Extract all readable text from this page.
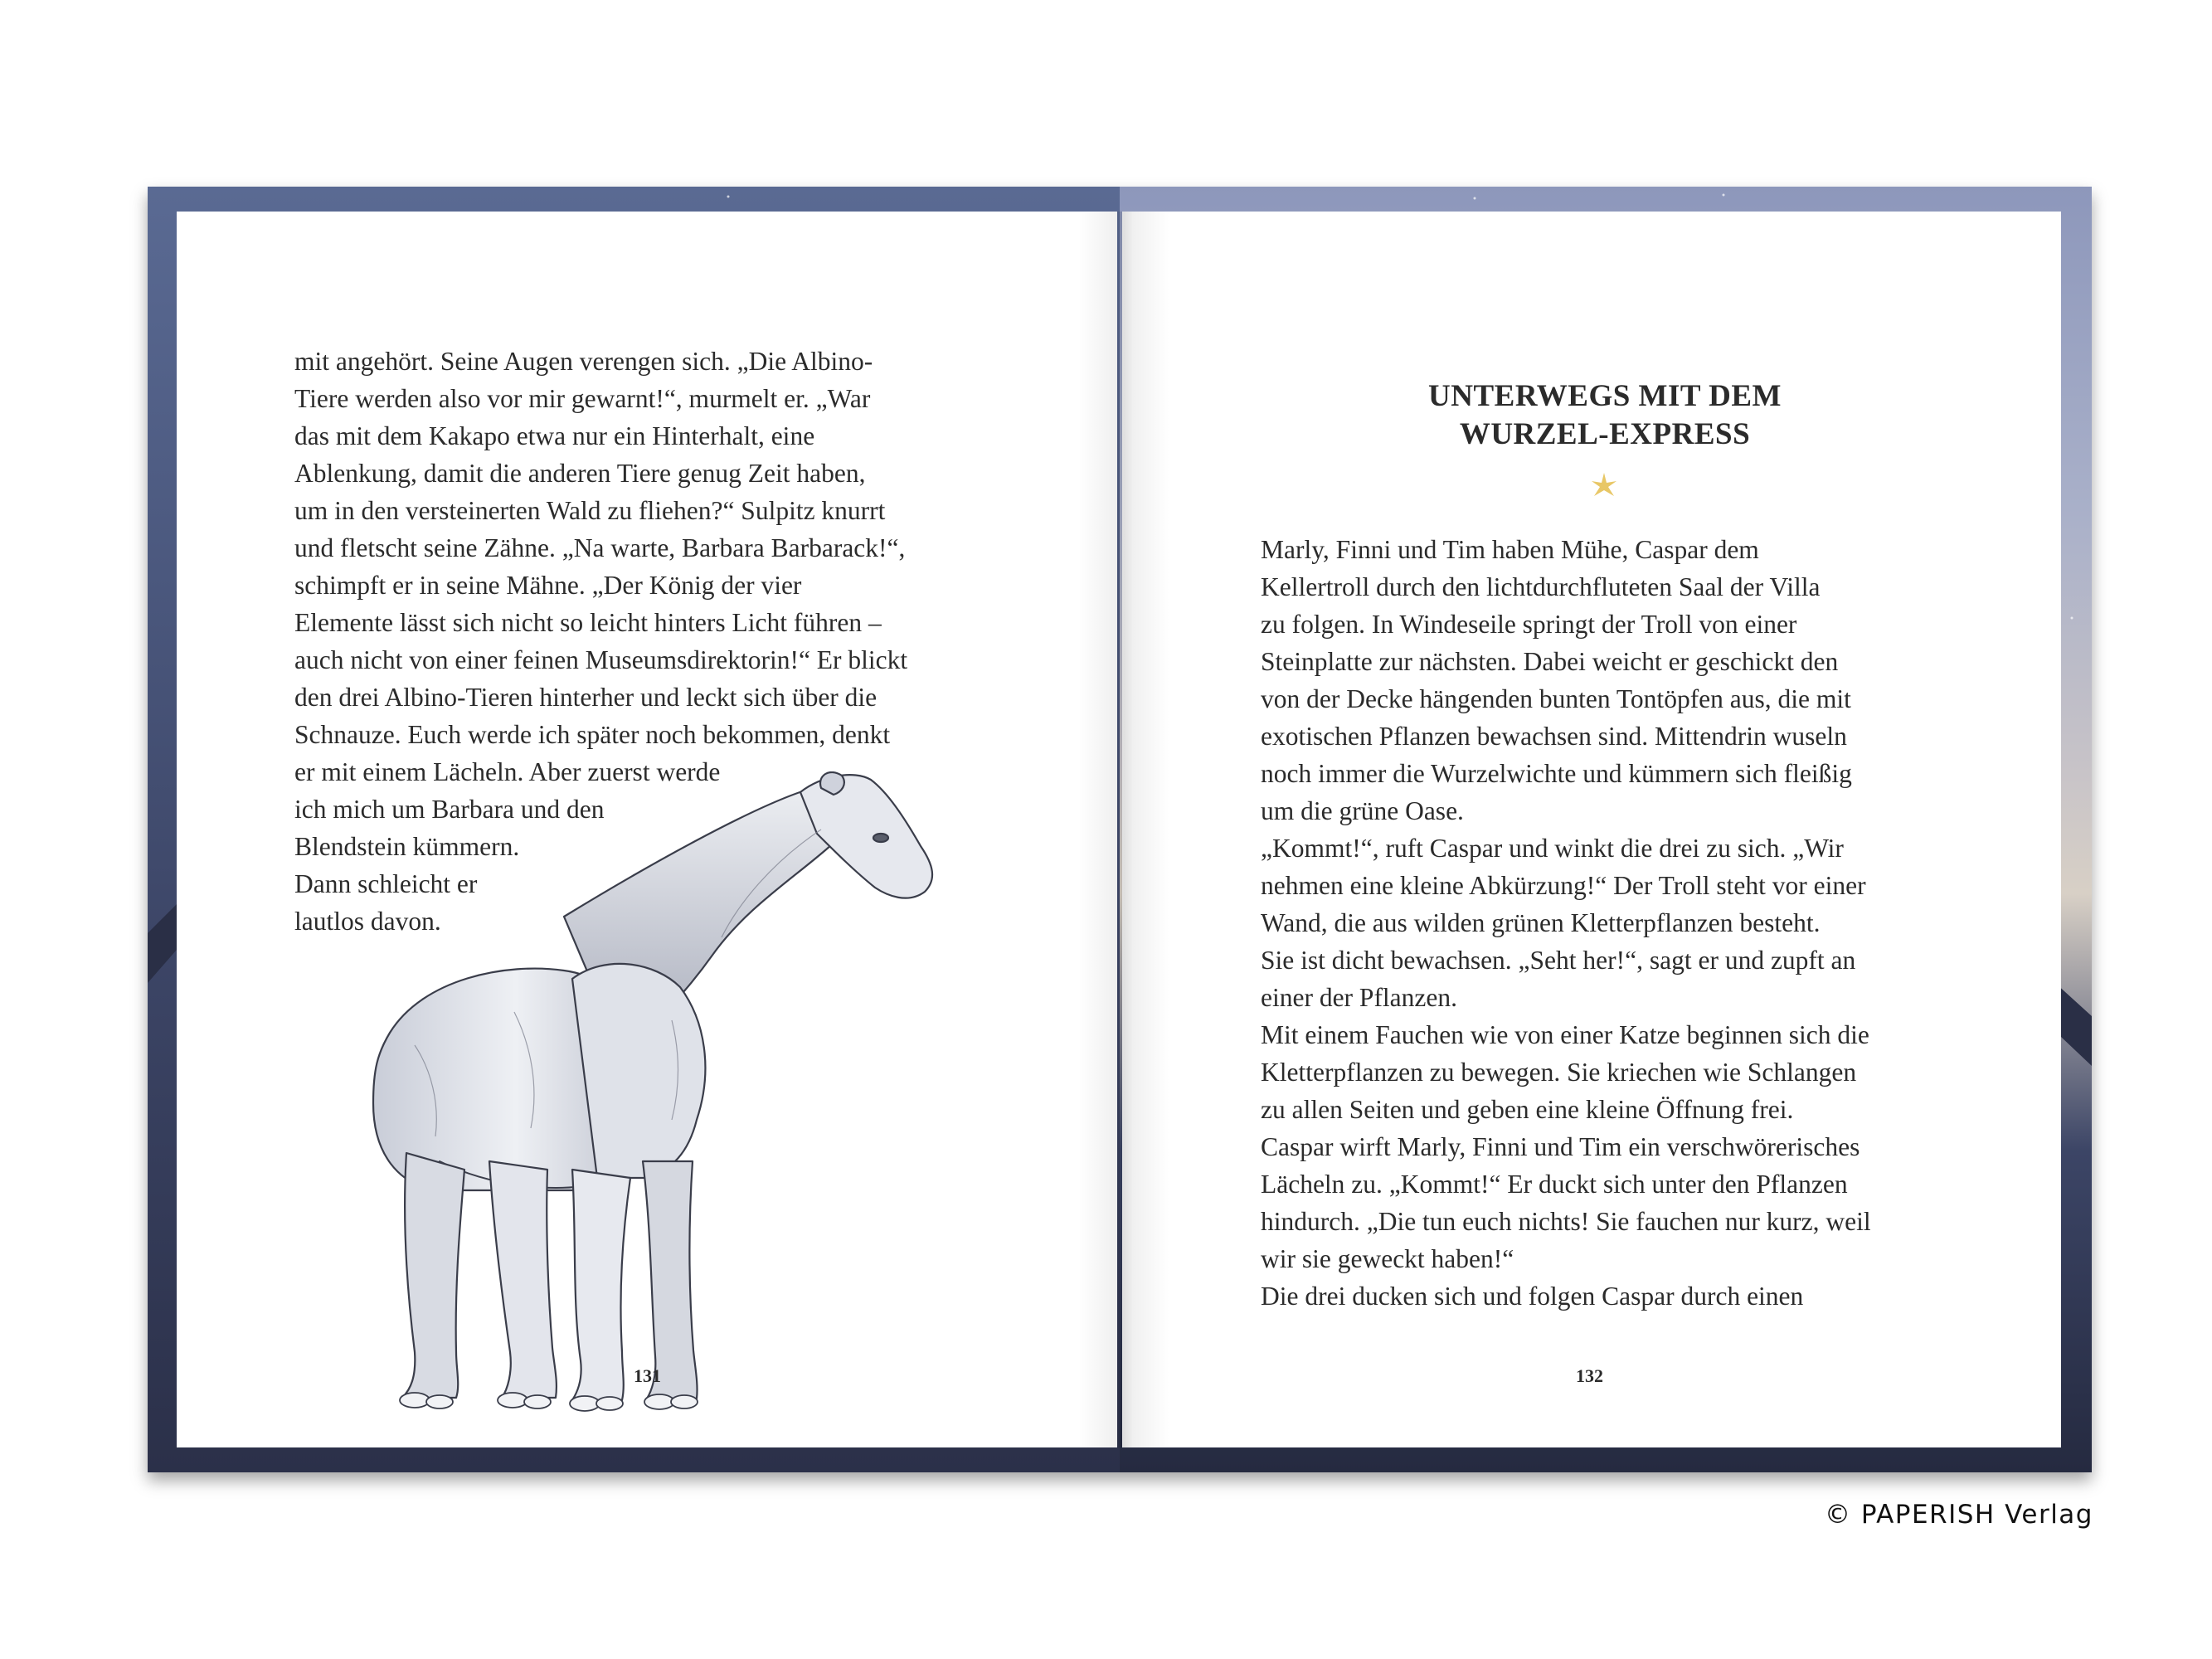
mit angehört. Seine Augen verengen sich. „Die Albino-

Tiere werden also vor mir gewarnt!“, murmelt er. „War

das mit dem Kakapo etwa nur ein Hinterhalt, eine

Ablenkung, damit die anderen Tiere genug Zeit haben,

um in den versteinerten Wald zu fliehen?“ Sulpitz knurrt

und fletscht seine Zähne. „Na warte, Barbara Barbarack!“,

schimpft er in seine Mähne. „Der König der vier

Elemente lässt sich nicht so leicht hinters Licht führen –

auch nicht von einer feinen Museumsdirektorin!“ Er blickt

den drei Albino-Tieren hinterher und leckt sich über die

Schnauze. Euch werde ich später noch bekommen, denkt

er mit einem Lächeln. Aber zuerst werde

ich mich um Barbara und den

Blendstein kümmern.

Dann schleicht er

lautlos davon.

131
UNTERWEGS MIT DEM
WURZEL-EXPRESS

Marly, Finni und Tim haben Mühe, Caspar dem

Kellertroll durch den lichtdurchfluteten Saal der Villa

zu folgen. In Windeseile springt der Troll von einer

Steinplatte zur nächsten. Dabei weicht er geschickt den

von der Decke hängenden bunten Tontöpfen aus, die mit

exotischen Pflanzen bewachsen sind. Mittendrin wuseln

noch immer die Wurzelwichte und kümmern sich fleißig

um die grüne Oase.

„Kommt!“, ruft Caspar und winkt die drei zu sich. „Wir

nehmen eine kleine Abkürzung!“ Der Troll steht vor einer

Wand, die aus wilden grünen Kletterpflanzen besteht.

Sie ist dicht bewachsen. „Seht her!“, sagt er und zupft an

einer der Pflanzen.

Mit einem Fauchen wie von einer Katze beginnen sich die

Kletterpflanzen zu bewegen. Sie kriechen wie Schlangen

zu allen Seiten und geben eine kleine Öffnung frei.

Caspar wirft Marly, Finni und Tim ein verschwörerisches

Lächeln zu. „Kommt!“ Er duckt sich unter den Pflanzen

hindurch. „Die tun euch nichts! Sie fauchen nur kurz, weil

wir sie geweckt haben!“

Die drei ducken sich und folgen Caspar durch einen

132
© PAPERISH Verlag
